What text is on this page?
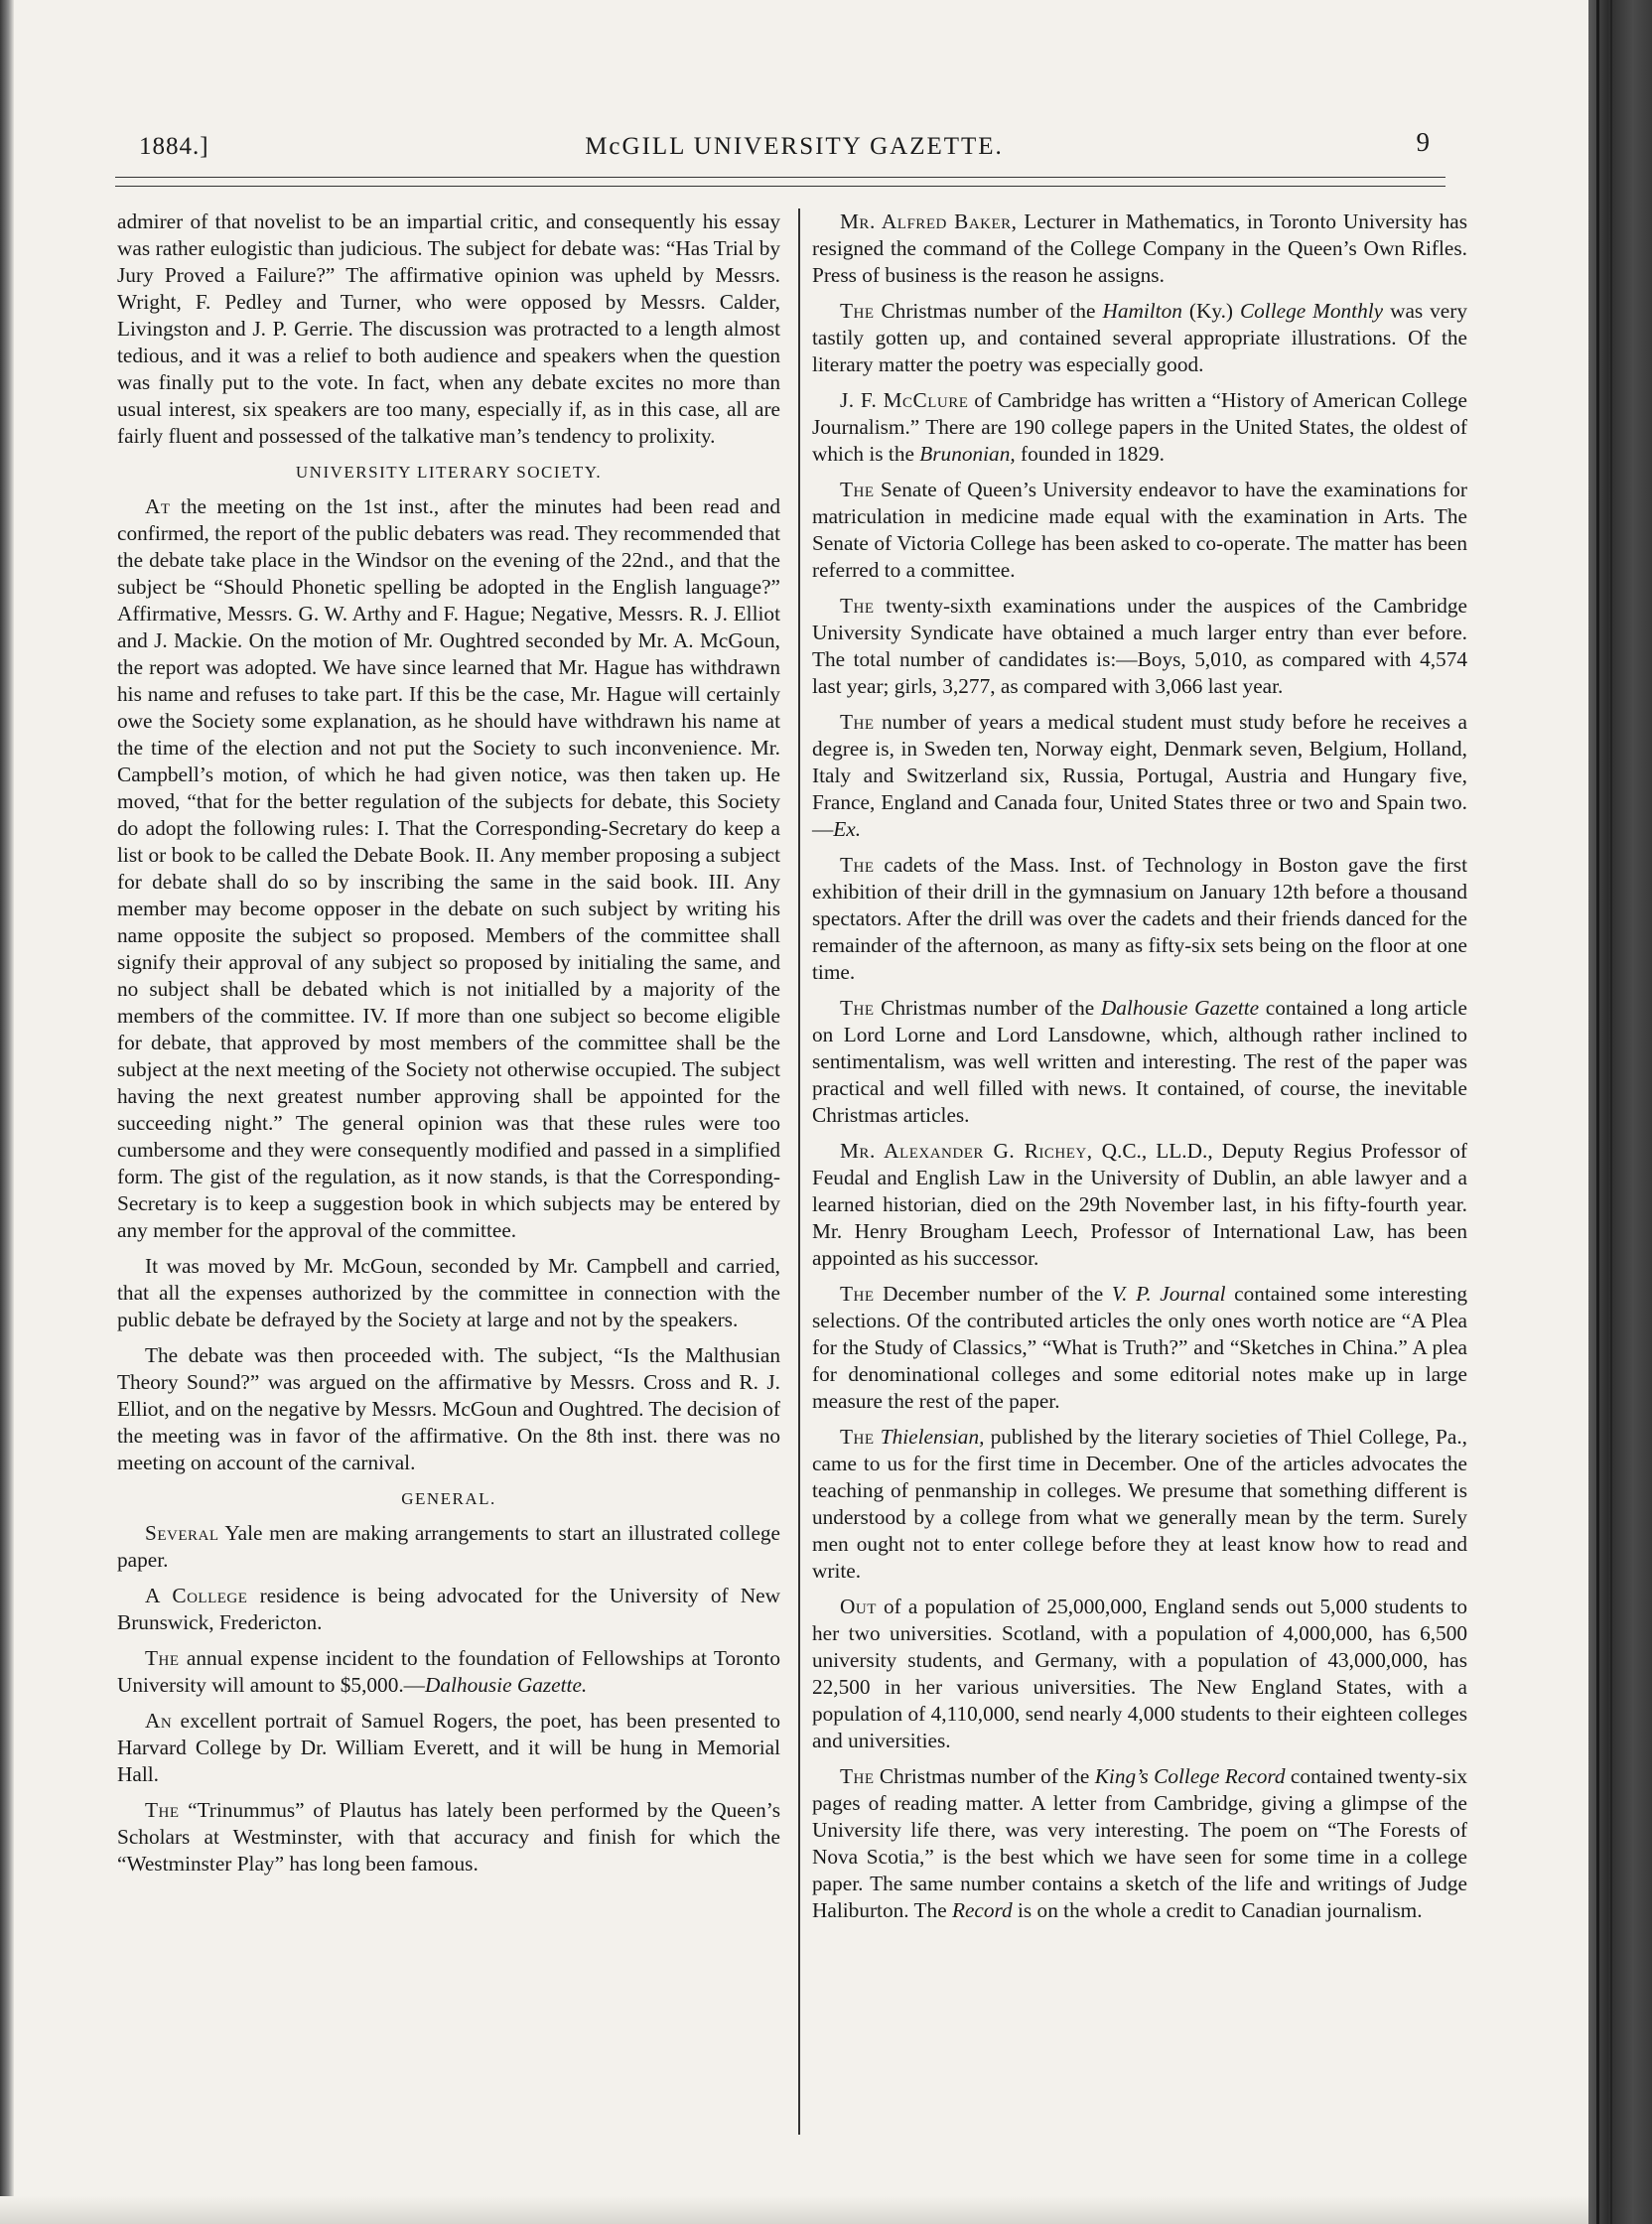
1884.]	McGILL UNIVERSITY GAZETTE.	9

admirer of that novelist to be an impartial critic, and consequently his essay was rather eulogistic than judicious. The subject for debate was: “Has Trial by Jury Proved a Failure?” The affirmative opinion was upheld by Messrs. Wright, F. Pedley and Turner, who were opposed by Messrs. Calder, Livingston and J. P. Gerrie. The discussion was protracted to a length almost tedious, and it was a relief to both audience and speakers when the question was finally put to the vote. In fact, when any debate excites no more than usual interest, six speakers are too many, especially if, as in this case, all are fairly fluent and possessed of the talkative man’s tendency to prolixity.

UNIVERSITY LITERARY SOCIETY.

At the meeting on the 1st inst., after the minutes had been read and confirmed, the report of the public debaters was read. They recommended that the debate take place in the Windsor on the evening of the 22nd., and that the subject be “Should Phonetic spelling be adopted in the English language?” Affirmative, Messrs. G. W. Arthy and F. Hague; Negative, Messrs. R. J. Elliot and J. Mackie. On the motion of Mr. Oughtred seconded by Mr. A. McGoun, the report was adopted. We have since learned that Mr. Hague has withdrawn his name and refuses to take part. If this be the case, Mr. Hague will certainly owe the Society some explanation, as he should have withdrawn his name at the time of the election and not put the Society to such inconvenience. Mr. Campbell’s motion, of which he had given notice, was then taken up. He moved, “that for the better regulation of the subjects for debate, this Society do adopt the following rules: I. That the Corresponding-Secretary do keep a list or book to be called the Debate Book. II. Any member proposing a subject for debate shall do so by inscribing the same in the said book. III. Any member may become opposer in the debate on such subject by writing his name opposite the subject so proposed. Members of the committee shall signify their approval of any subject so proposed by initialing the same, and no subject shall be debated which is not initialled by a majority of the members of the committee. IV. If more than one subject so become eligible for debate, that approved by most members of the committee shall be the subject at the next meeting of the Society not otherwise occupied. The subject having the next greatest number approving shall be appointed for the succeeding night.” The general opinion was that these rules were too cumbersome and they were consequently modified and passed in a simplified form. The gist of the regulation, as it now stands, is that the Corresponding-Secretary is to keep a suggestion book in which subjects may be entered by any member for the approval of the committee.

It was moved by Mr. McGoun, seconded by Mr. Campbell and carried, that all the expenses authorized by the committee in connection with the public debate be defrayed by the Society at large and not by the speakers.

The debate was then proceeded with. The subject, “Is the Malthusian Theory Sound?” was argued on the affirmative by Messrs. Cross and R. J. Elliot, and on the negative by Messrs. McGoun and Oughtred. The decision of the meeting was in favor of the affirmative. On the 8th inst. there was no meeting on account of the carnival.

GENERAL.

Several Yale men are making arrangements to start an illustrated college paper.

A College residence is being advocated for the University of New Brunswick, Fredericton.

The annual expense incident to the foundation of Fellowships at Toronto University will amount to $5,000.—Dalhousie Gazette.

An excellent portrait of Samuel Rogers, the poet, has been presented to Harvard College by Dr. William Everett, and it will be hung in Memorial Hall.

The “Trinummus” of Plautus has lately been performed by the Queen’s Scholars at Westminster, with that accuracy and finish for which the “Westminster Play” has long been famous.

Mr. Alfred Baker, Lecturer in Mathematics, in Toronto University has resigned the command of the College Company in the Queen’s Own Rifles. Press of business is the reason he assigns.

The Christmas number of the Hamilton (Ky.) College Monthly was very tastily gotten up, and contained several appropriate illustrations. Of the literary matter the poetry was especially good.

J. F. McClure of Cambridge has written a “History of American College Journalism.” There are 190 college papers in the United States, the oldest of which is the Brunonian, founded in 1829.

The Senate of Queen’s University endeavor to have the examinations for matriculation in medicine made equal with the examination in Arts. The Senate of Victoria College has been asked to co-operate. The matter has been referred to a committee.

The twenty-sixth examinations under the auspices of the Cambridge University Syndicate have obtained a much larger entry than ever before. The total number of candidates is:—Boys, 5,010, as compared with 4,574 last year; girls, 3,277, as compared with 3,066 last year.

The number of years a medical student must study before he receives a degree is, in Sweden ten, Norway eight, Denmark seven, Belgium, Holland, Italy and Switzerland six, Russia, Portugal, Austria and Hungary five, France, England and Canada four, United States three or two and Spain two.—Ex.

The cadets of the Mass. Inst. of Technology in Boston gave the first exhibition of their drill in the gymnasium on January 12th before a thousand spectators. After the drill was over the cadets and their friends danced for the remainder of the afternoon, as many as fifty-six sets being on the floor at one time.

The Christmas number of the Dalhousie Gazette contained a long article on Lord Lorne and Lord Lansdowne, which, although rather inclined to sentimentalism, was well written and interesting. The rest of the paper was practical and well filled with news. It contained, of course, the inevitable Christmas articles.

Mr. Alexander G. Richey, Q.C., LL.D., Deputy Regius Professor of Feudal and English Law in the University of Dublin, an able lawyer and a learned historian, died on the 29th November last, in his fifty-fourth year. Mr. Henry Brougham Leech, Professor of International Law, has been appointed as his successor.

The December number of the V. P. Journal contained some interesting selections. Of the contributed articles the only ones worth notice are “A Plea for the Study of Classics,” “What is Truth?” and “Sketches in China.” A plea for denominational colleges and some editorial notes make up in large measure the rest of the paper.

The Thielensian, published by the literary societies of Thiel College, Pa., came to us for the first time in December. One of the articles advocates the teaching of penmanship in colleges. We presume that something different is understood by a college from what we generally mean by the term. Surely men ought not to enter college before they at least know how to read and write.

Out of a population of 25,000,000, England sends out 5,000 students to her two universities. Scotland, with a population of 4,000,000, has 6,500 university students, and Germany, with a population of 43,000,000, has 22,500 in her various universities. The New England States, with a population of 4,110,000, send nearly 4,000 students to their eighteen colleges and universities.

The Christmas number of the King’s College Record contained twenty-six pages of reading matter. A letter from Cambridge, giving a glimpse of the University life there, was very interesting. The poem on “The Forests of Nova Scotia,” is the best which we have seen for some time in a college paper. The same number contains a sketch of the life and writings of Judge Haliburton. The Record is on the whole a credit to Canadian journalism.
